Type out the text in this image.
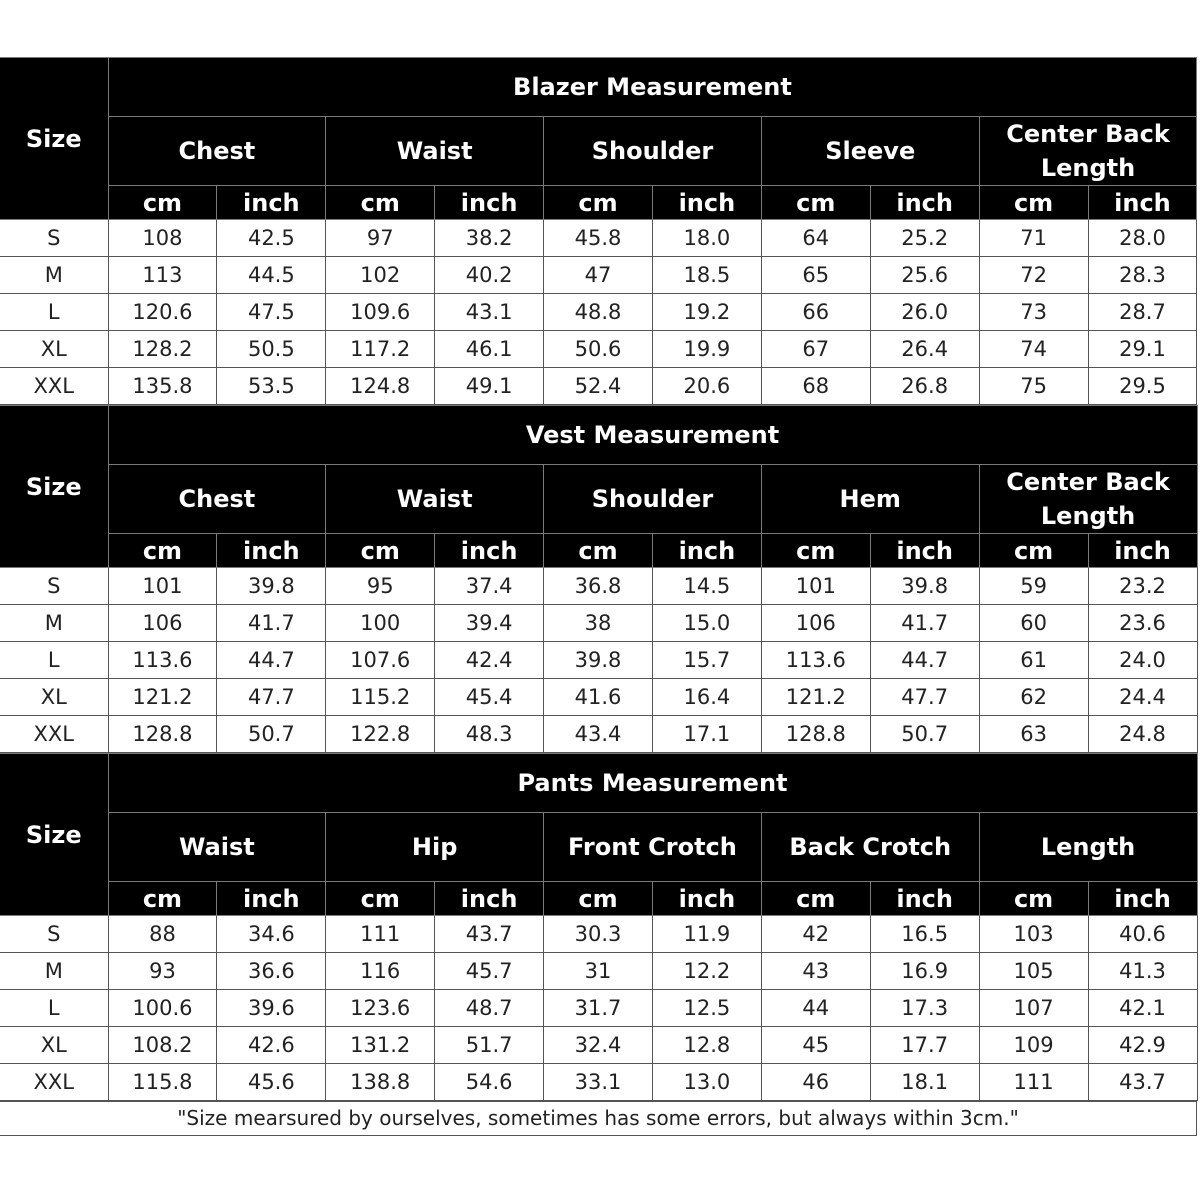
Size	Blazer Measurement									
	Chest		Waist		Shoulder		Sleeve		Center Back Length	
	cm	inch	cm	inch	cm	inch	cm	inch	cm	inch
S	108	42.5	97	38.2	45.8	18.0	64	25.2	71	28.0
M	113	44.5	102	40.2	47	18.5	65	25.6	72	28.3
L	120.6	47.5	109.6	43.1	48.8	19.2	66	26.0	73	28.7
XL	128.2	50.5	117.2	46.1	50.6	19.9	67	26.4	74	29.1
XXL	135.8	53.5	124.8	49.1	52.4	20.6	68	26.8	75	29.5
Size	Vest Measurement									
	Chest		Waist		Shoulder		Hem		Center Back Length	
	cm	inch	cm	inch	cm	inch	cm	inch	cm	inch
S	101	39.8	95	37.4	36.8	14.5	101	39.8	59	23.2
M	106	41.7	100	39.4	38	15.0	106	41.7	60	23.6
L	113.6	44.7	107.6	42.4	39.8	15.7	113.6	44.7	61	24.0
XL	121.2	47.7	115.2	45.4	41.6	16.4	121.2	47.7	62	24.4
XXL	128.8	50.7	122.8	48.3	43.4	17.1	128.8	50.7	63	24.8
Size	Pants Measurement									
	Waist		Hip		Front Crotch		Back Crotch		Length	
	cm	inch	cm	inch	cm	inch	cm	inch	cm	inch
S	88	34.6	111	43.7	30.3	11.9	42	16.5	103	40.6
M	93	36.6	116	45.7	31	12.2	43	16.9	105	41.3
L	100.6	39.6	123.6	48.7	31.7	12.5	44	17.3	107	42.1
XL	108.2	42.6	131.2	51.7	32.4	12.8	45	17.7	109	42.9
XXL	115.8	45.6	138.8	54.6	33.1	13.0	46	18.1	111	43.7
"Size mearsured by ourselves, sometimes has some errors, but always within 3cm."
